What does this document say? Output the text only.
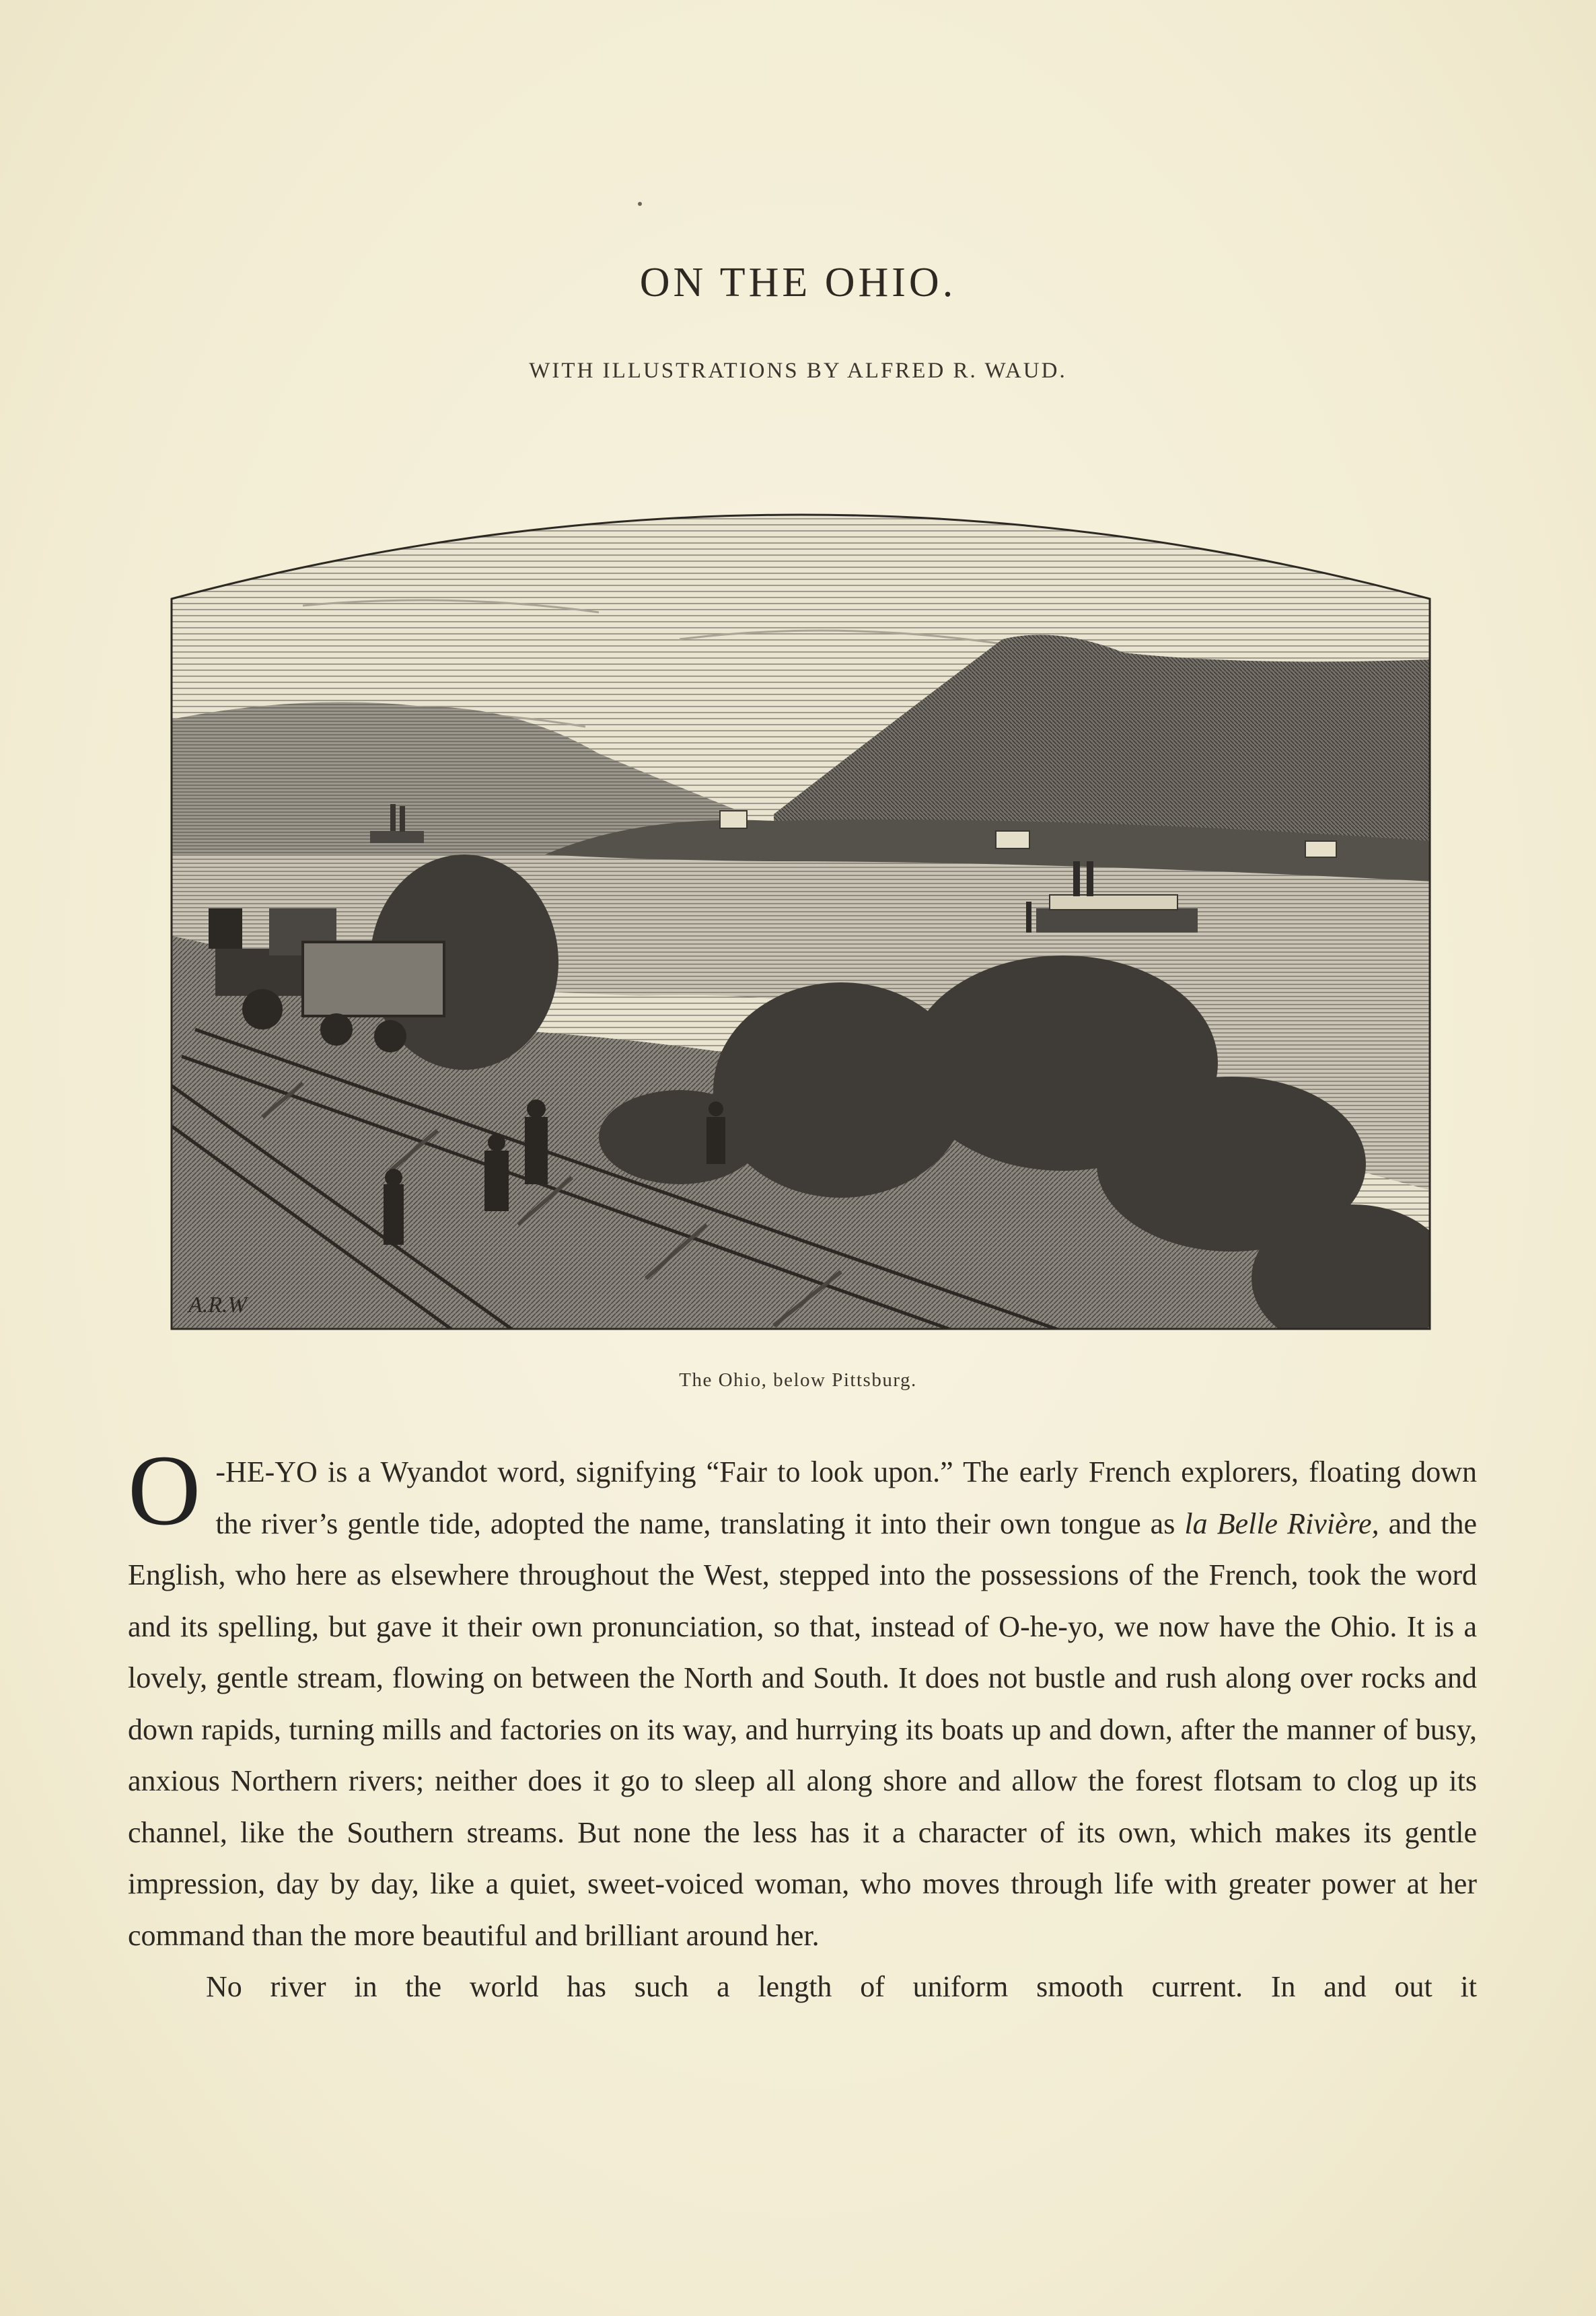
ON THE OHIO.
WITH ILLUSTRATIONS BY ALFRED R. WAUD.
A.R.W
The Ohio, below Pittsburg.

O -HE-YO is a Wyandot word, signifying “Fair to look upon.” The early French explorers, floating down the river’s gentle tide, adopted the name, translating it into their own tongue as la Belle Rivière, and the English, who here as elsewhere throughout the West, stepped into the possessions of the French, took the word and its spelling, but gave it their own pronunciation, so that, instead of O-he-yo, we now have the Ohio. It is a lovely, gentle stream, flowing on between the North and South. It does not bustle and rush along over rocks and down rapids, turning mills and factories on its way, and hurrying its boats up and down, after the manner of busy, anxious Northern rivers; neither does it go to sleep all along shore and allow the forest flotsam to clog up its channel, like the Southern streams. But none the less has it a character of its own, which makes its gentle impression, day by day, like a quiet, sweet-voiced woman, who moves through life with greater power at her command than the more beautiful and brilliant around her.

No river in the world has such a length of uniform smooth current. In and out it
